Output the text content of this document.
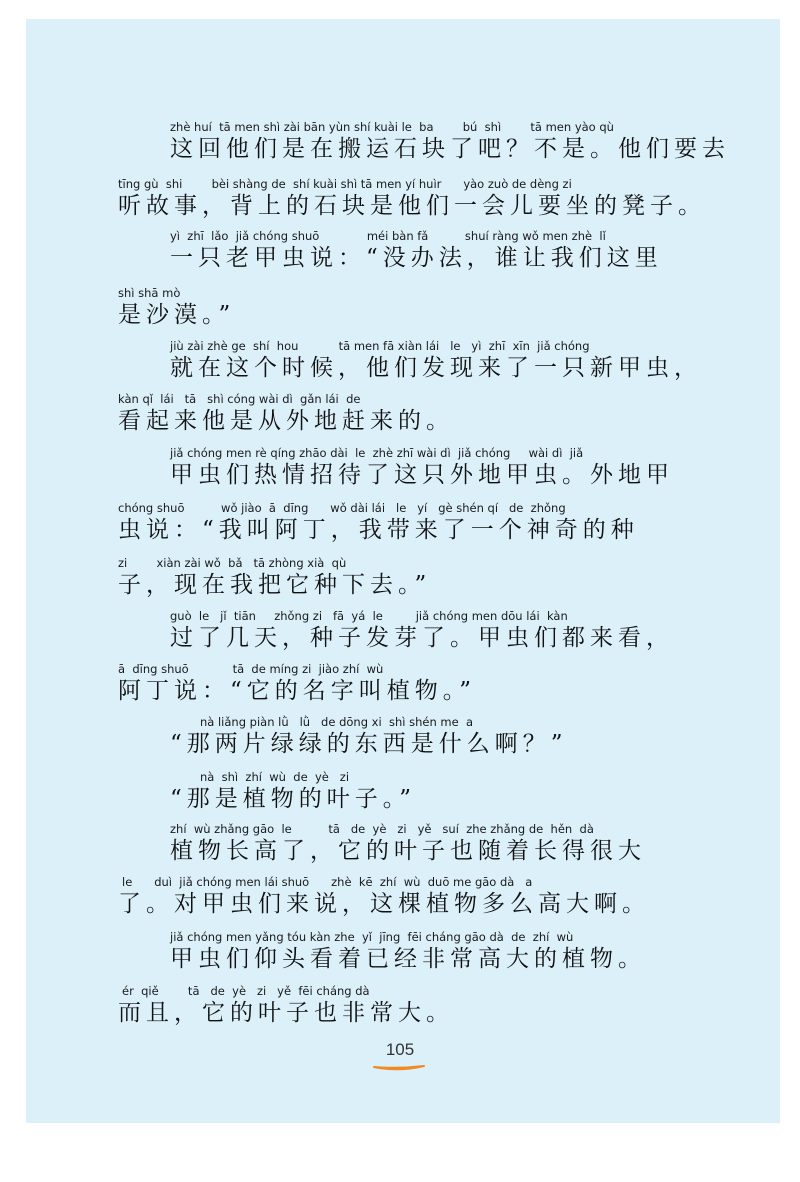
zhè huí  tā men shì zài bān yùn shí kuài le  ba        bú  shì        tā men yào qù
这回他们是在搬运石块了吧？不是。他们要去
tīng gù  shi        bèi shàng de  shí kuài shì tā men yí huìr      yào zuò de dèng zi
听故事，背上的石块是他们一会儿要坐的凳子。
yì  zhī  lǎo  jiǎ chóng shuō             méi bàn fǎ          shuí ràng wǒ men zhè  lǐ
一只老甲虫说：“没办法，谁让我们这里
shì shā mò
是沙漠。”
jiù zài zhè ge  shí  hou           tā men fā xiàn lái   le   yì  zhī  xīn  jiǎ chóng
就在这个时候，他们发现来了一只新甲虫，
kàn qǐ  lái   tā   shì cóng wài dì  gǎn lái  de
看起来他是从外地赶来的。
jiǎ chóng men rè qíng zhāo dài  le  zhè zhī wài dì  jiǎ chóng     wài dì  jiǎ
甲虫们热情招待了这只外地甲虫。外地甲
chóng shuō          wǒ jiào  ā  dīng      wǒ dài lái   le   yí   gè shén qí   de  zhǒng
虫说：“我叫阿丁，我带来了一个神奇的种
zi        xiàn zài wǒ  bǎ   tā zhòng xià  qù
子，现在我把它种下去。”
guò  le   jǐ  tiān     zhǒng zi   fā  yá  le         jiǎ chóng men dōu lái  kàn
过了几天，种子发芽了。甲虫们都来看，
ā  dīng shuō            tā  de míng zi  jiào zhí  wù
阿丁说：“它的名字叫植物。”
nà liǎng piàn lǜ   lǜ   de dōng xi  shì shén me  a
“那两片绿绿的东西是什么啊？”
nà  shì  zhí  wù  de  yè   zi
“那是植物的叶子。”
zhí  wù zhǎng gāo  le          tā   de  yè   zi   yě   suí  zhe zhǎng de  hěn  dà
植物长高了，它的叶子也随着长得很大
le      duì  jiǎ chóng men lái shuō      zhè  kē  zhí  wù  duō me gāo dà   a
了。对甲虫们来说，这棵植物多么高大啊。
jiǎ chóng men yǎng tóu kàn zhe  yǐ  jīng  fēi cháng gāo dà  de  zhí  wù
甲虫们仰头看着已经非常高大的植物。
ér  qiě        tā   de  yè   zi   yě  fēi cháng dà
而且，它的叶子也非常大。
105
